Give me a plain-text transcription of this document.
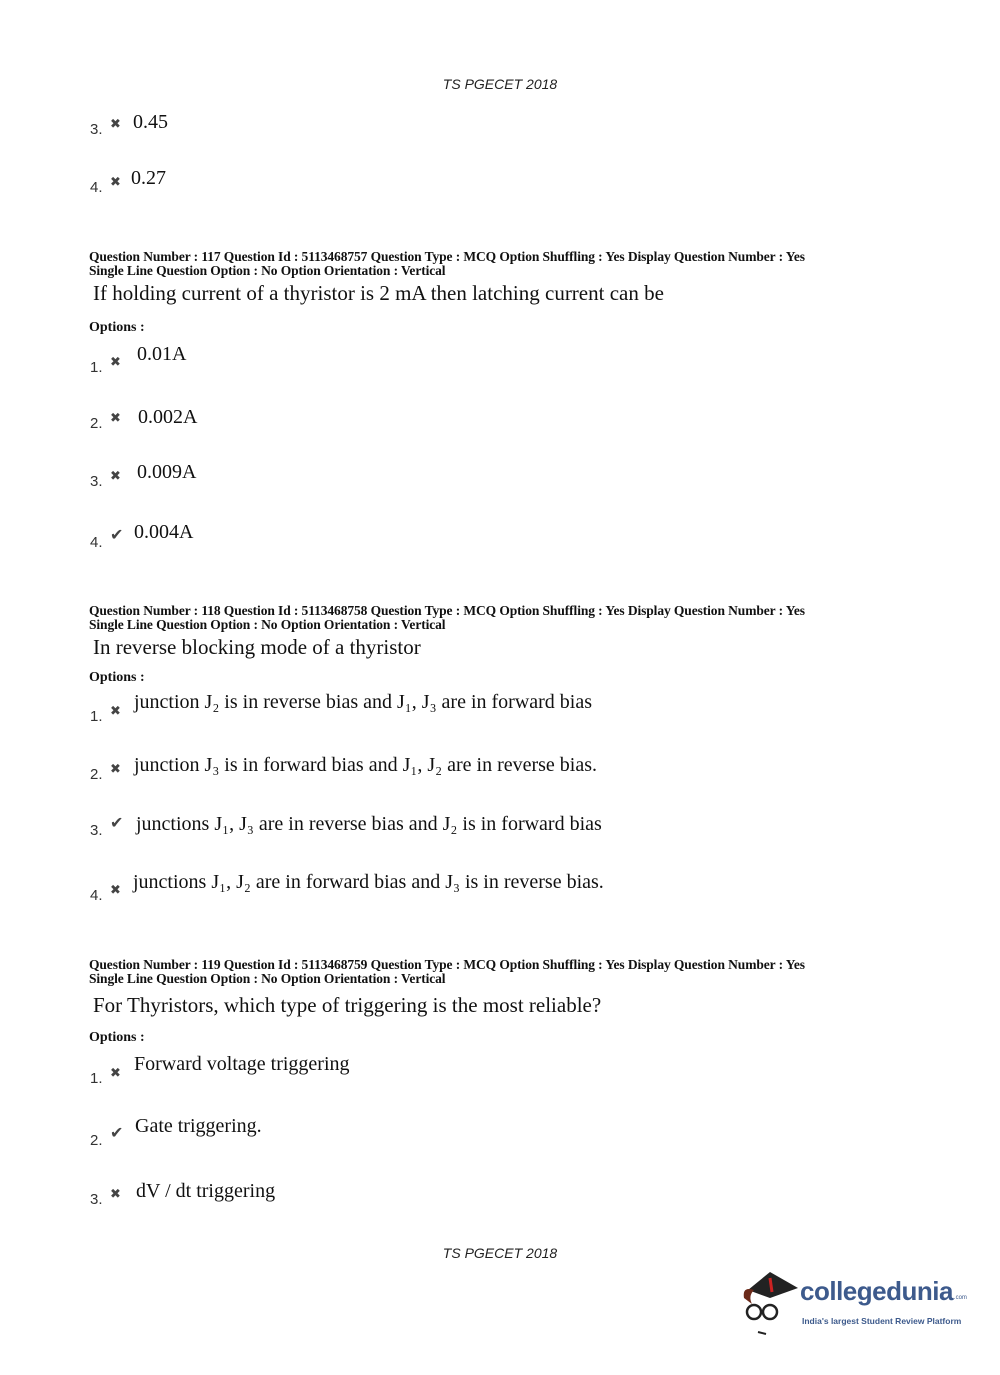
TS PGECET 2018
3. ✖ 0.45
4. ✖ 0.27
Question Number : 117 Question Id : 5113468757 Question Type : MCQ Option Shuffling : Yes Display Question Number : Yes
Single Line Question Option : No Option Orientation : Vertical
If holding current of a thyristor is 2 mA then latching current can be
Options :
1. ✖ 0.01A
2. ✖ 0.002A
3. ✖ 0.009A
4. ✔ 0.004A
Question Number : 118 Question Id : 5113468758 Question Type : MCQ Option Shuffling : Yes Display Question Number : Yes
Single Line Question Option : No Option Orientation : Vertical
In reverse blocking mode of a thyristor
Options :
1. ✖ junction J₂ is in reverse bias and J₁, J₃ are in forward bias
2. ✖ junction J₃ is in forward bias and J₁, J₂ are in reverse bias.
3. ✔ junctions J₁, J₃ are in reverse bias and J₂ is in forward bias
4. ✖ junctions J₁, J₂ are in forward bias and J₃ is in reverse bias.
Question Number : 119 Question Id : 5113468759 Question Type : MCQ Option Shuffling : Yes Display Question Number : Yes
Single Line Question Option : No Option Orientation : Vertical
For Thyristors, which type of triggering is the most reliable?
Options :
1. ✖ Forward voltage triggering
2. ✔ Gate triggering.
3. ✖ dV / dt triggering
TS PGECET 2018
collegedunia .com
India's largest Student Review Platform
